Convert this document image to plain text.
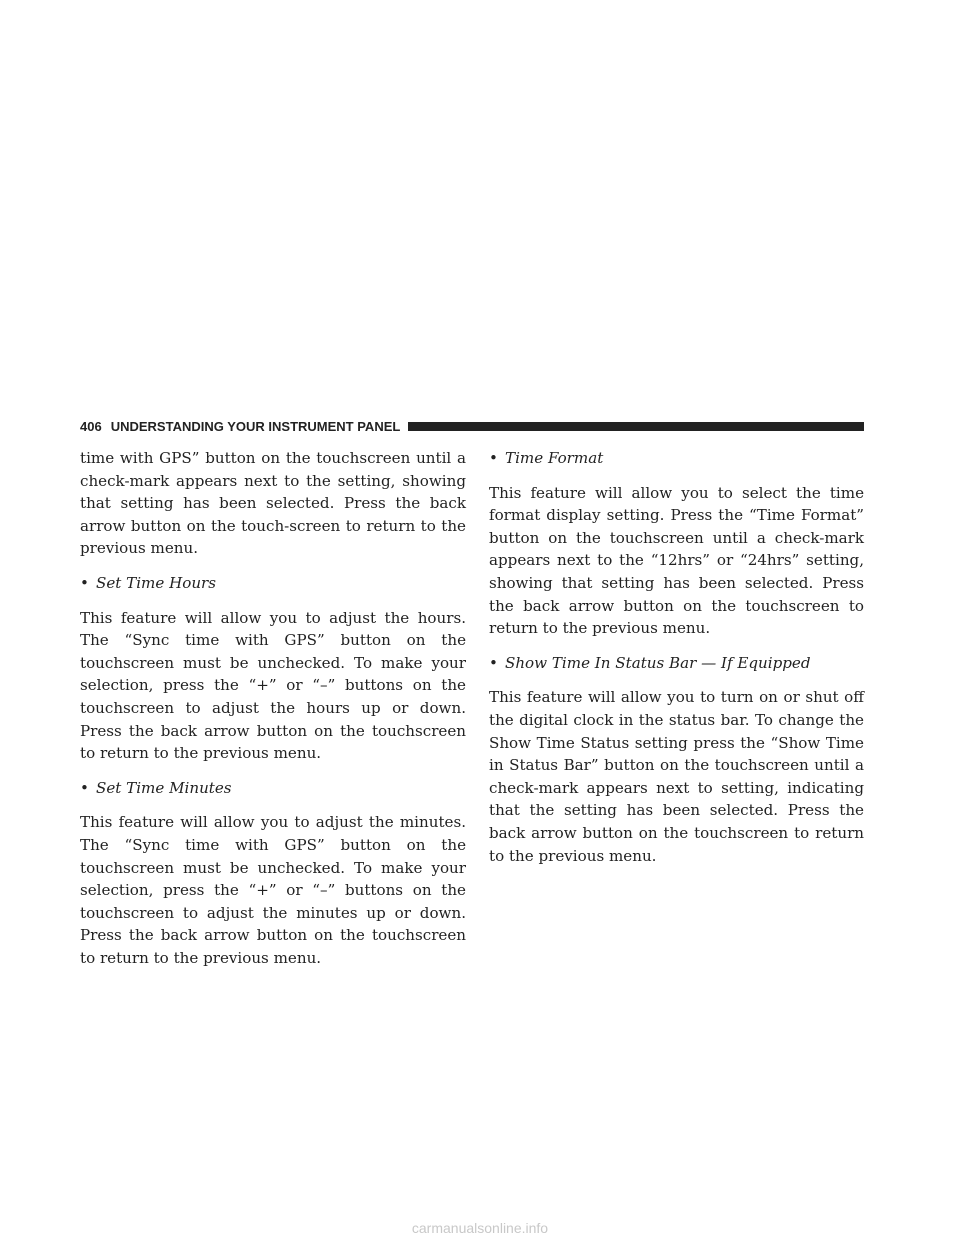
406 UNDERSTANDING YOUR INSTRUMENT PANEL

time with GPS” button on the touchscreen until a check-mark appears next to the setting, showing that setting has been selected. Press the back arrow button on the touch-screen to return to the previous menu.

• Set Time Hours

This feature will allow you to adjust the hours. The “Sync time with GPS” button on the touchscreen must be unchecked. To make your selection, press the “+” or “–” buttons on the touchscreen to adjust the hours up or down. Press the back arrow button on the touchscreen to return to the previous menu.

• Set Time Minutes

This feature will allow you to adjust the minutes. The “Sync time with GPS” button on the touchscreen must be unchecked. To make your selection, press the “+” or “–” buttons on the touchscreen to adjust the minutes up or down. Press the back arrow button on the touchscreen to return to the previous menu.

• Time Format

This feature will allow you to select the time format display setting. Press the “Time Format” button on the touchscreen until a check-mark appears next to the “12hrs” or “24hrs” setting, showing that setting has been selected. Press the back arrow button on the touchscreen to return to the previous menu.

• Show Time In Status Bar — If Equipped

This feature will allow you to turn on or shut off the digital clock in the status bar. To change the Show Time Status setting press the “Show Time in Status Bar” button on the touchscreen until a check-mark appears next to setting, indicating that the setting has been selected. Press the back arrow button on the touchscreen to return to the previous menu.

carmanualsonline.info
